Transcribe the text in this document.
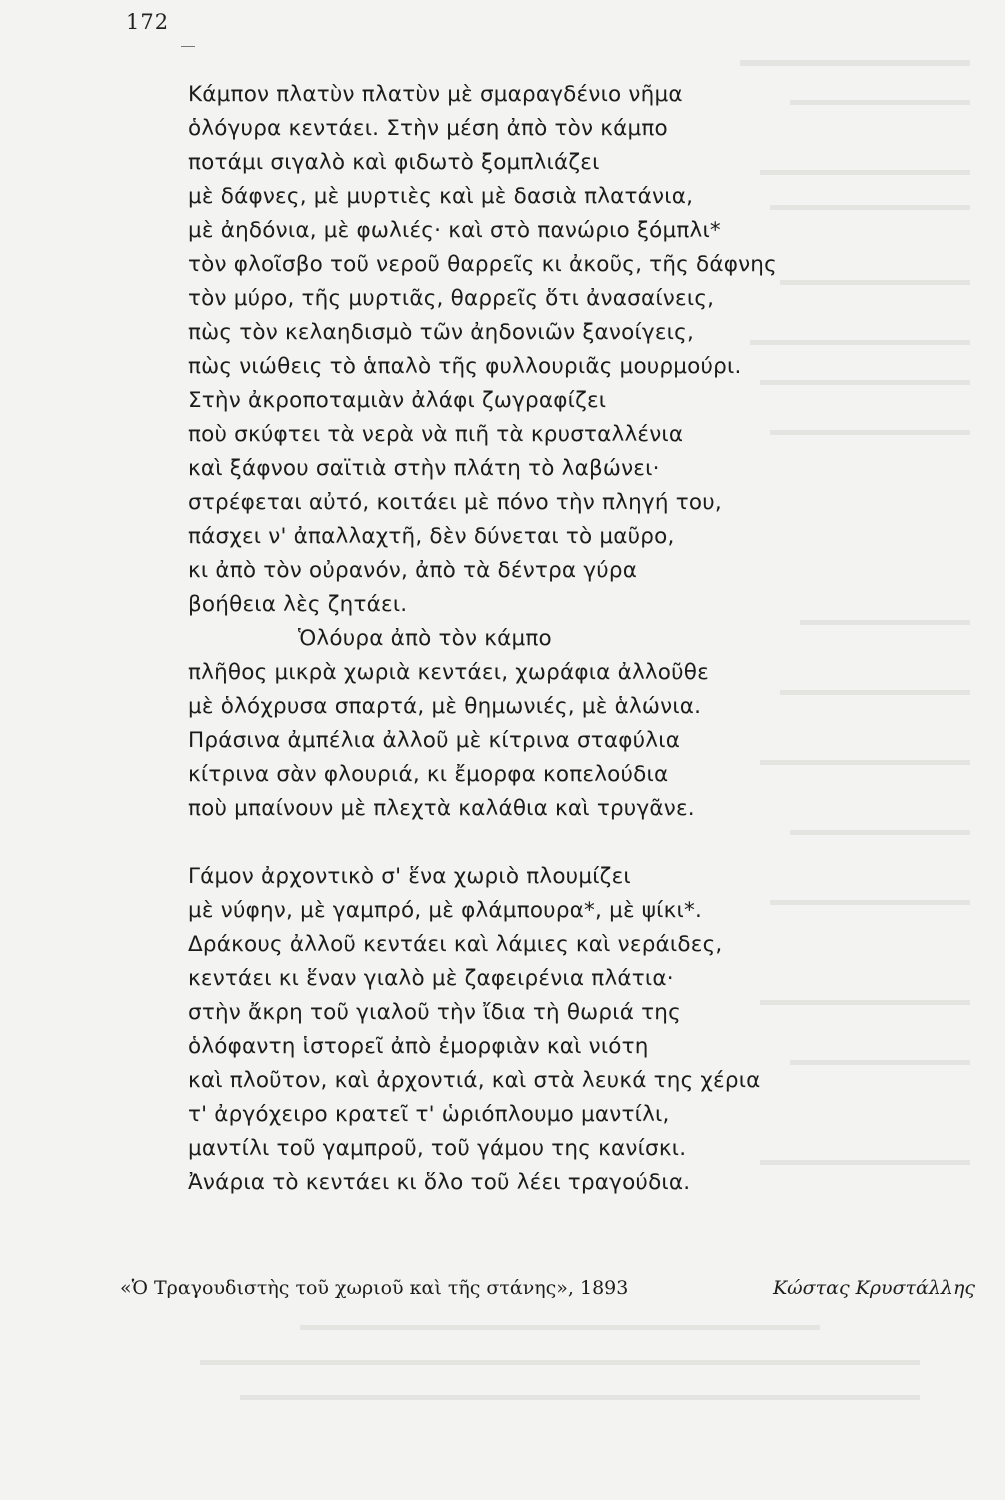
172
Κάμπον πλατὺν πλατὺν μὲ σμαραγδένιο νῆμα
ὁλόγυρα κεντάει. Στὴν μέση ἀπὸ τὸν κάμπο
ποτάμι σιγαλὸ καὶ φιδωτὸ ξομπλιάζει
μὲ δάφνες, μὲ μυρτιὲς καὶ μὲ δασιὰ πλατάνια,
μὲ ἀηδόνια, μὲ φωλιές· καὶ στὸ πανώριο ξόμπλι*
τὸν φλοῖσβο τοῦ νεροῦ θαρρεῖς κι ἀκοῦς, τῆς δάφνης
τὸν μύρο, τῆς μυρτιᾶς, θαρρεῖς ὅτι ἀνασαίνεις,
πὼς τὸν κελαηδισμὸ τῶν ἀηδονιῶν ξανοίγεις,
πὼς νιώθεις τὸ ἁπαλὸ τῆς φυλλουριᾶς μουρμούρι.
Στὴν ἀκροποταμιὰν ἀλάφι ζωγραφίζει
ποὺ σκύφτει τὰ νερὰ νὰ πιῆ τὰ κρυσταλλένια
καὶ ξάφνου σαϊτιὰ στὴν πλάτη τὸ λαβώνει·
στρέφεται αὐτό, κοιτάει μὲ πόνο τὴν πληγή του,
πάσχει ν' ἀπαλλαχτῆ, δὲν δύνεται τὸ μαῦρο,
κι ἀπὸ τὸν οὐρανόν, ἀπὸ τὰ δέντρα γύρα
βοήθεια λὲς ζητάει.
Ὁλόυρα ἀπὸ τὸν κάμπο
πλῆθος μικρὰ χωριὰ κεντάει, χωράφια ἀλλοῦθε
μὲ ὁλόχρυσα σπαρτά, μὲ θημωνιές, μὲ ἁλώνια.
Πράσινα ἀμπέλια ἀλλοῦ μὲ κίτρινα σταφύλια
κίτρινα σὰν φλουριά, κι ἔμορφα κοπελούδια
ποὺ μπαίνουν μὲ πλεχτὰ καλάθια καὶ τρυγᾶνε.
Γάμον ἀρχοντικὸ σ' ἕνα χωριὸ πλουμίζει
μὲ νύφην, μὲ γαμπρό, μὲ φλάμπουρα*, μὲ ψίκι*.
Δράκους ἀλλοῦ κεντάει καὶ λάμιες καὶ νεράιδες,
κεντάει κι ἕναν γιαλὸ μὲ ζαφειρένια πλάτια·
στὴν ἄκρη τοῦ γιαλοῦ τὴν ἴδια τὴ θωριά της
ὁλόφαντη ἱστορεῖ ἀπὸ ἐμορφιὰν καὶ νιότη
καὶ πλοῦτον, καὶ ἀρχοντιά, καὶ στὰ λευκά της χέρια
τ' ἀργόχειρο κρατεῖ τ' ὡριόπλουμο μαντίλι,
μαντίλι τοῦ γαμπροῦ, τοῦ γάμου της κανίσκι.
Ἀνάρια τὸ κεντάει κι ὅλο τοῦ λέει τραγούδια.
«Ὁ Τραγουδιστὴς τοῦ χωριοῦ καὶ τῆς στάνης», 1893	Κώστας Κρυστάλλης
